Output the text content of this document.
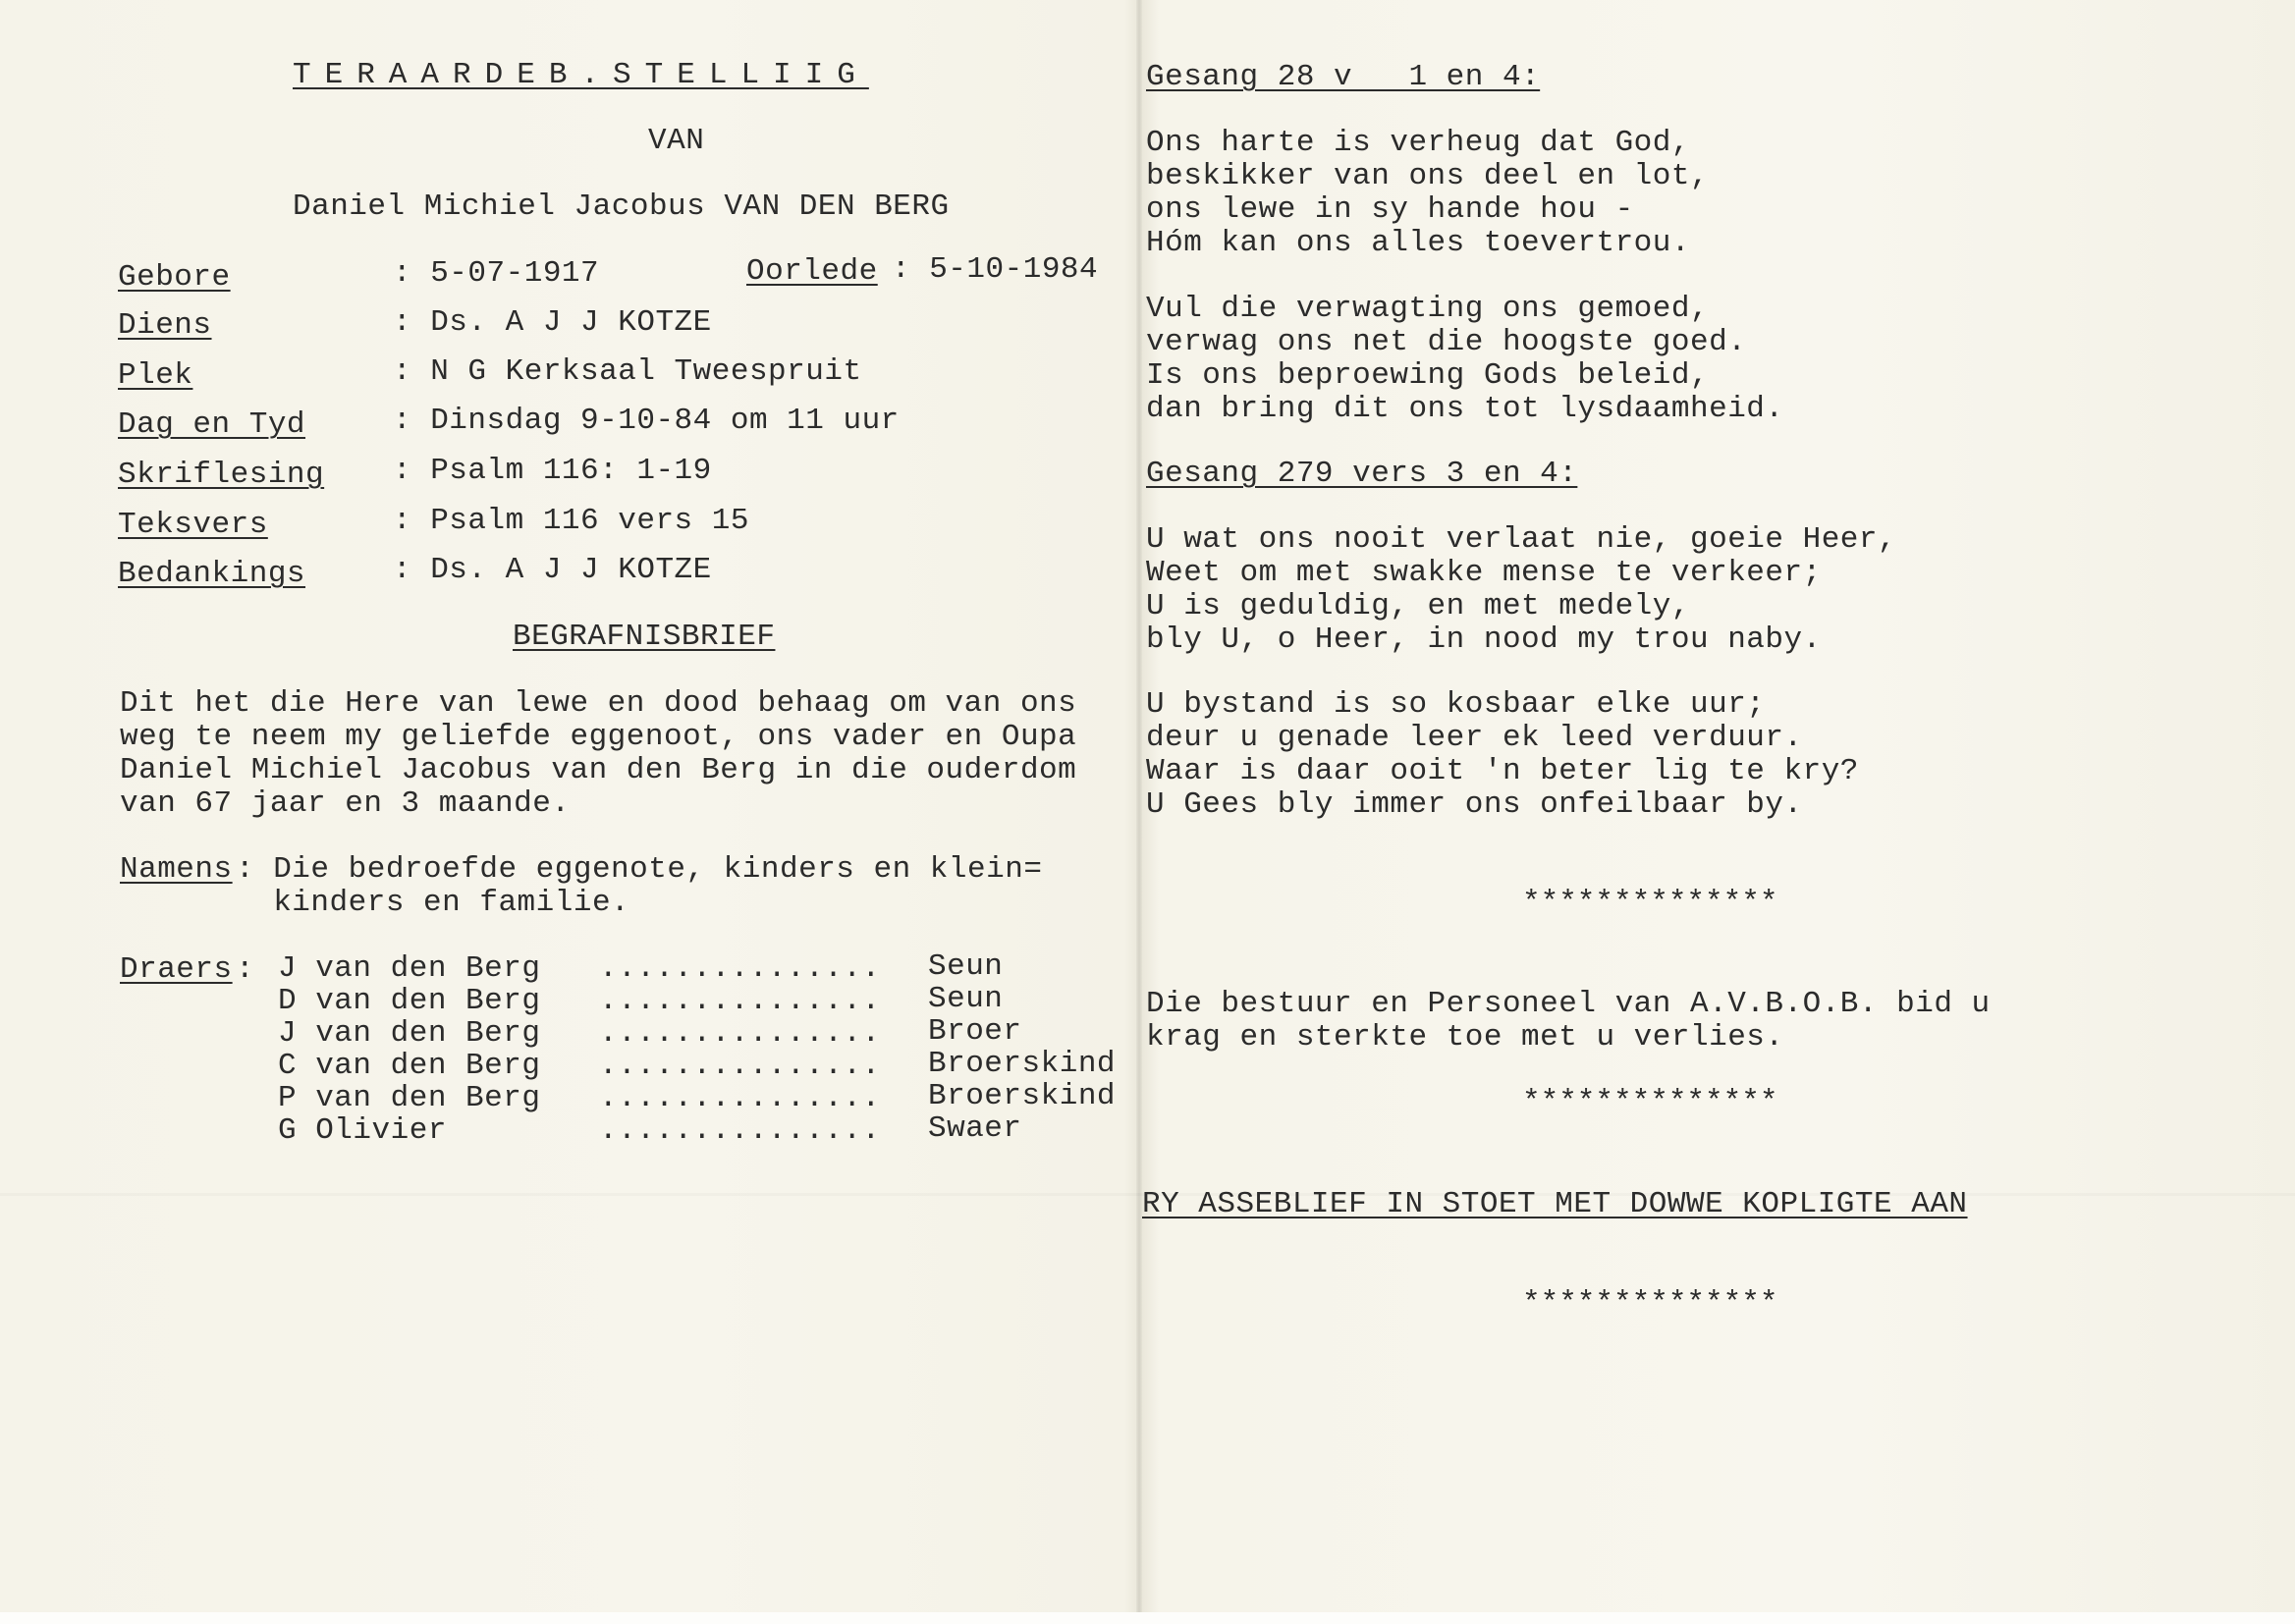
TERAARDEB.STELLIIG
VAN
Daniel Michiel Jacobus VAN DEN BERG
Gebore	: 5-07-1917	Oorlede : 5-10-1984
Diens	: Ds. A J J KOTZE
Plek	: N G Kerksaal Tweespruit
Dag en Tyd	: Dinsdag 9-10-84 om 11 uur
Skriflesing : Psalm 116: 1-19
Teksvers	: Psalm 116 vers 15
Bedankings	: Ds. A J J KOTZE
BEGRAFNISBRIEF
Dit het die Here van lewe en dood behaag om van ons
weg te neem my geliefde eggenoot, ons vader en Oupa
Daniel Michiel Jacobus van den Berg in die ouderdom
van 67 jaar en 3 maande.
Namens : Die bedroefde eggenote, kinders en klein=
kinders en familie.
Draers : J van den Berg ............... Seun
D van den Berg ............... Seun
J van den Berg ............... Broer
C van den Berg ............... Broerskind
P van den Berg ............... Broerskind
G Olivier	............... Swaer
Gesang 28 v   1 en 4:
Ons harte is verheug dat God,
beskikker van ons deel en lot,
ons lewe in sy hande hou -
Hóm kan ons alles toevertrou.
Vul die verwagting ons gemoed,
verwag ons net die hoogste goed.
Is ons beproewing Gods beleid,
dan bring dit ons tot lysdaamheid.
Gesang 279 vers 3 en 4:
U wat ons nooit verlaat nie, goeie Heer,
Weet om met swakke mense te verkeer;
U is geduldig, en met medely,
bly U, o Heer, in nood my trou naby.
U bystand is so kosbaar elke uur;
deur u genade leer ek leed verduur.
Waar is daar ooit 'n beter lig te kry?
U Gees bly immer ons onfeilbaar by.
**************
Die bestuur en Personeel van A.V.B.O.B. bid u
krag en sterkte toe met u verlies.
**************
RY ASSEBLIEF IN STOET MET DOWWE KOPLIGTE AAN
**************
